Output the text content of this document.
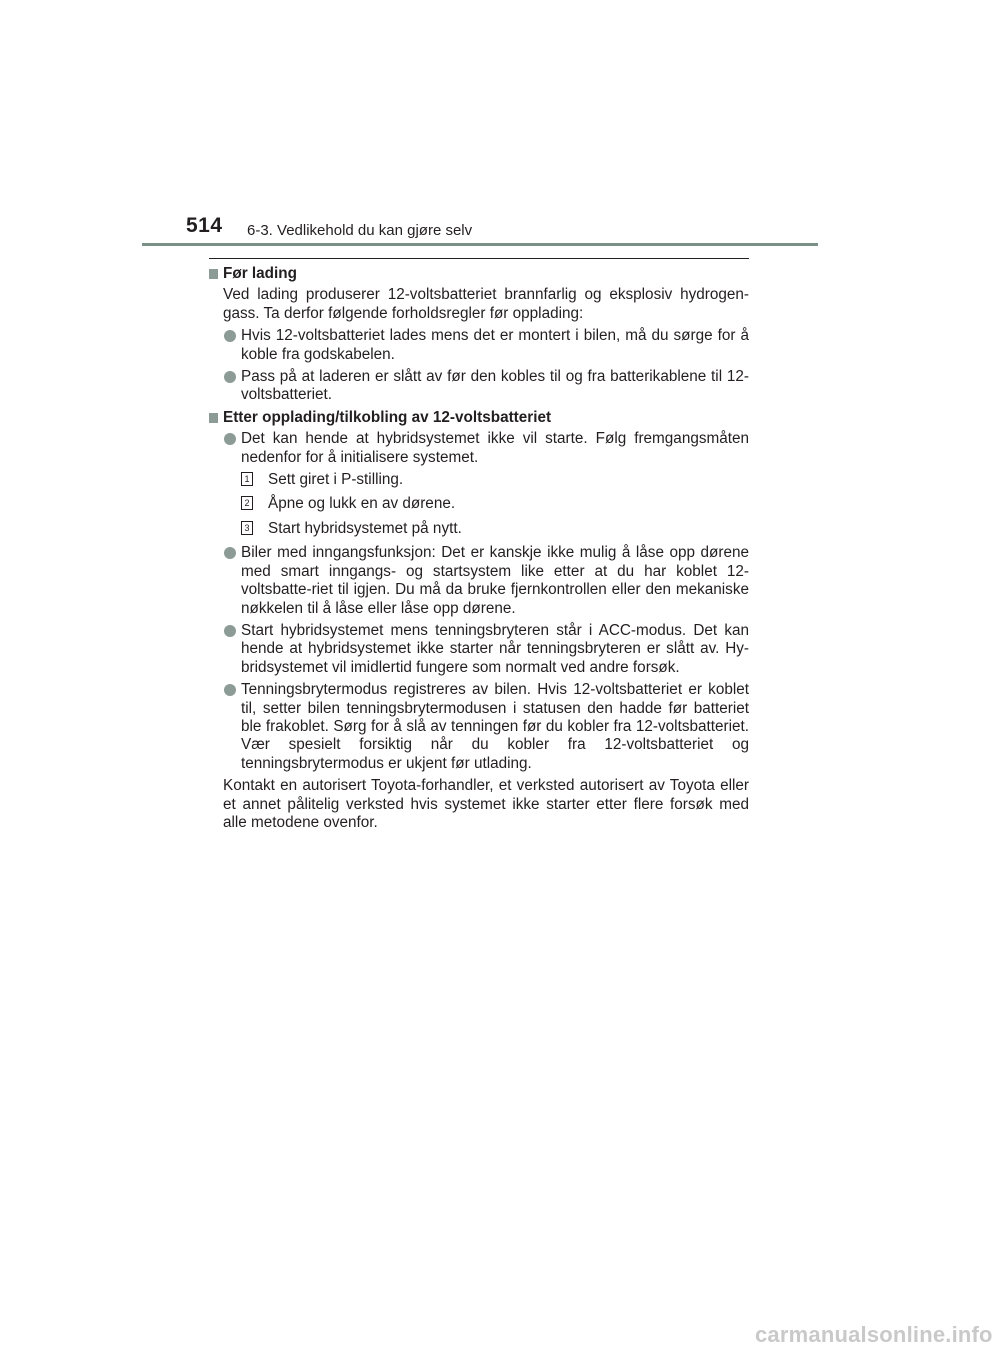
514 6-3. Vedlikehold du kan gjøre selv
Før lading

Ved lading produserer 12-voltsbatteriet brannfarlig og eksplosiv hydrogen-gass. Ta derfor følgende forholdsregler før opplading:

Hvis 12-voltsbatteriet lades mens det er montert i bilen, må du sørge for å koble fra godskabelen.
Pass på at laderen er slått av før den kobles til og fra batterikablene til 12-voltsbatteriet.
Etter opplading/tilkobling av 12-voltsbatteriet
Det kan hende at hybridsystemet ikke vil starte. Følg fremgangsmåten nedenfor for å initialisere systemet.
1 Sett giret i P-stilling.
2 Åpne og lukk en av dørene.
3 Start hybridsystemet på nytt.
Biler med inngangsfunksjon: Det er kanskje ikke mulig å låse opp dørene med smart inngangs- og startsystem like etter at du har koblet 12-voltsbatte-riet til igjen. Du må da bruke fjernkontrollen eller den mekaniske nøkkelen til å låse eller låse opp dørene.
Start hybridsystemet mens tenningsbryteren står i ACC-modus. Det kan hende at hybridsystemet ikke starter når tenningsbryteren er slått av. Hy-bridsystemet vil imidlertid fungere som normalt ved andre forsøk.
Tenningsbrytermodus registreres av bilen. Hvis 12-voltsbatteriet er koblet til, setter bilen tenningsbrytermodusen i statusen den hadde før batteriet ble frakoblet. Sørg for å slå av tenningen før du kobler fra 12-voltsbatteriet. Vær spesielt forsiktig når du kobler fra 12-voltsbatteriet og tenningsbrytermodus er ukjent før utlading.

Kontakt en autorisert Toyota-forhandler, et verksted autorisert av Toyota eller et annet pålitelig verksted hvis systemet ikke starter etter flere forsøk med alle metodene ovenfor.

carmanualsonline.info
